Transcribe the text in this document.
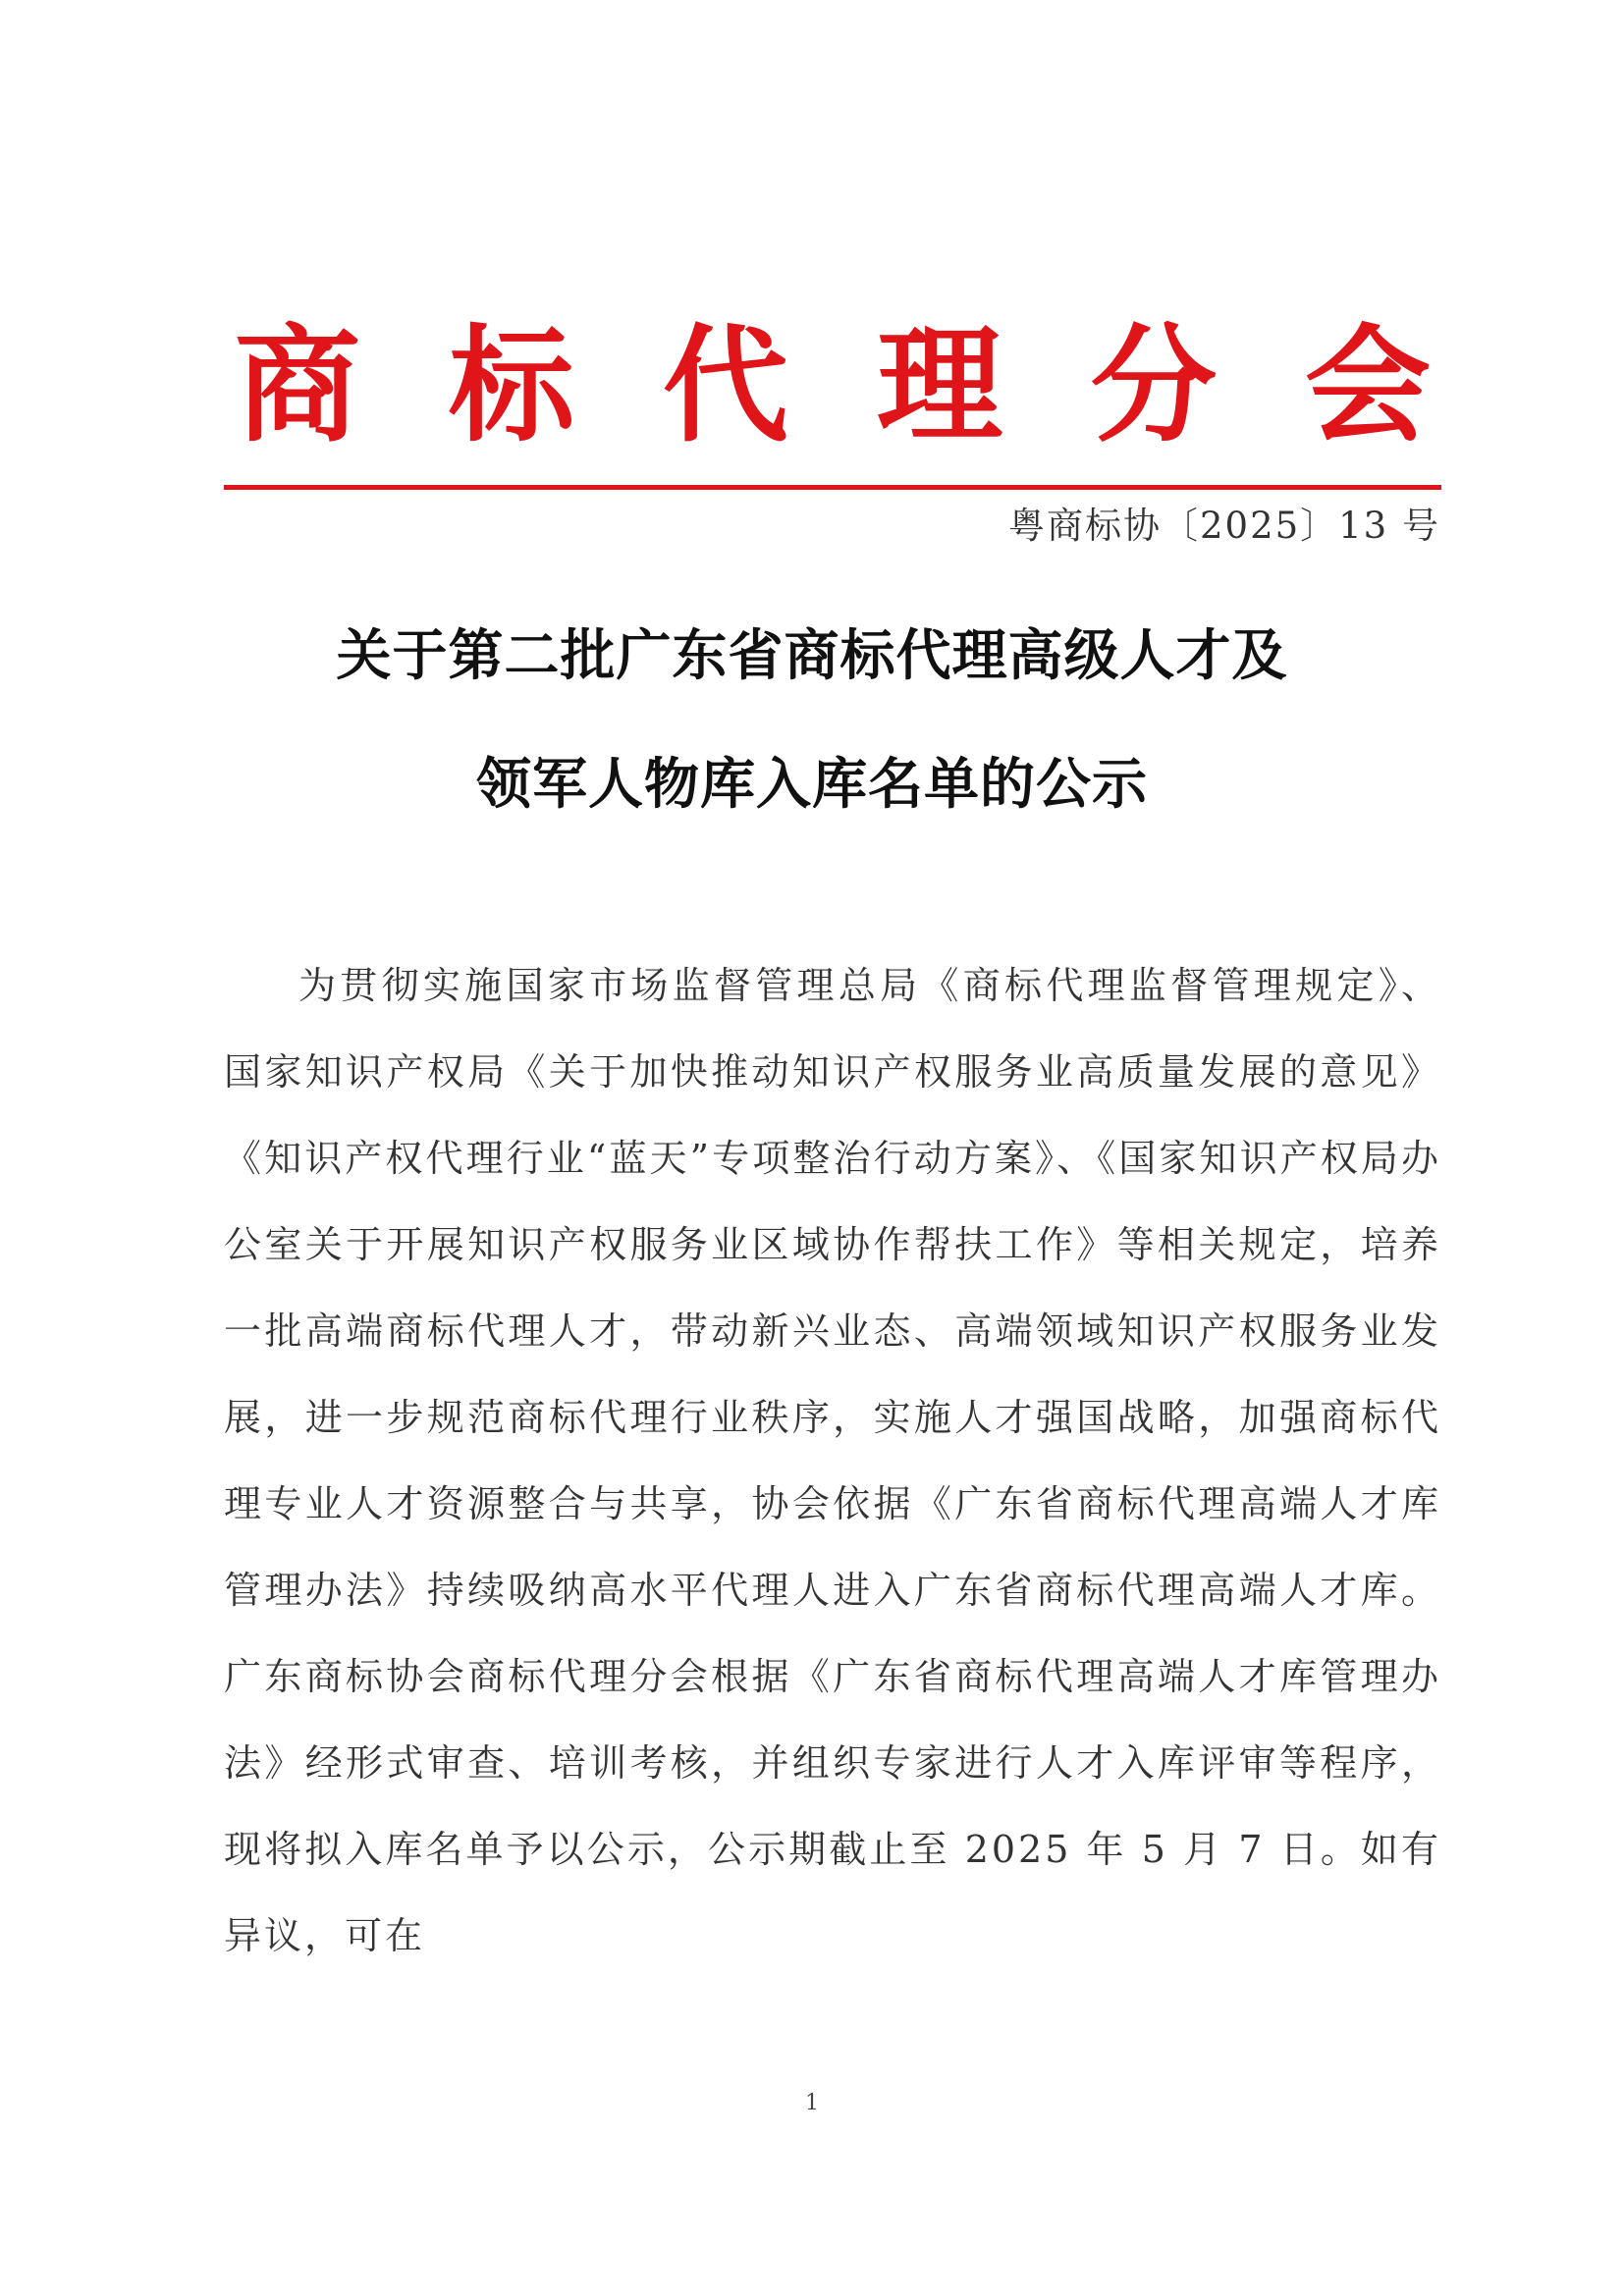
商 标 代 理 分 会
粤商标协〔2025〕13 号
关于第二批广东省商标代理高级人才及
领军人物库入库名单的公示

为贯彻实施国家市场监督管理总局《商标代理监督管理规定》、国家知识产权局《关于加快推动知识产权服务业高质量发展的意见》《知识产权代理行业“蓝天”专项整治行动方案》、《国家知识产权局办公室关于开展知识产权服务业区域协作帮扶工作》等相关规定，培养一批高端商标代理人才，带动新兴业态、高端领域知识产权服务业发展，进一步规范商标代理行业秩序，实施人才强国战略，加强商标代理专业人才资源整合与共享，协会依据《广东省商标代理高端人才库管理办法》持续吸纳高水平代理人进入广东省商标代理高端人才库。广东商标协会商标代理分会根据《广东省商标代理高端人才库管理办法》经形式审查、培训考核，并组织专家进行人才入库评审等程序，现将拟入库名单予以公示，公示期截止至 2025 年 5 月 7 日。如有异议，可在

1
